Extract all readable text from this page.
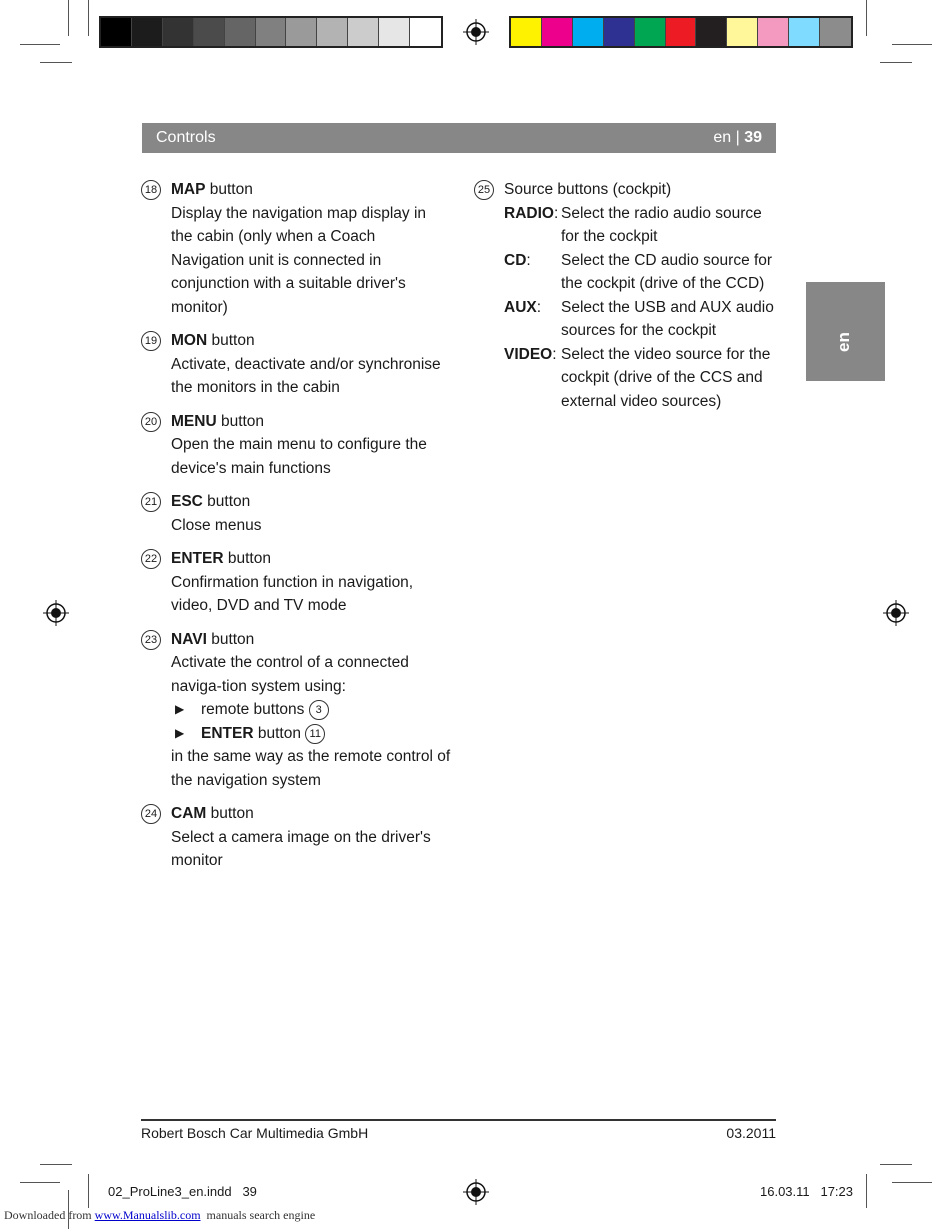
Controls	en | 39
en
18 MAP button
Display the navigation map display in the cabin (only when a Coach Navigation unit is connected in conjunction with a suitable driver's monitor)
19 MON button
Activate, deactivate and/or synchronise the monitors in the cabin
20 MENU button
Open the main menu to configure the device's main functions
21 ESC button
Close menus
22 ENTER button
Confirmation function in navigation, video, DVD and TV mode
23 NAVI button
Activate the control of a connected naviga-tion system using:
▶ remote buttons 3
▶ ENTER button 11
in the same way as the remote control of the navigation system
24 CAM button
Select a camera image on the driver's monitor
25 Source buttons (cockpit)
RADIO: Select the radio audio source for the cockpit
CD:	Select the CD audio source for the cockpit (drive of the CCD)
AUX:	Select the USB and AUX audio sources for the cockpit
VIDEO: Select the video source for the cockpit (drive of the CCS and external video sources)
Robert Bosch Car Multimedia GmbH	03.2011
02_ProLine3_en.indd   39	16.03.11   17:23
Downloaded from www.Manualslib.com  manuals search engine
